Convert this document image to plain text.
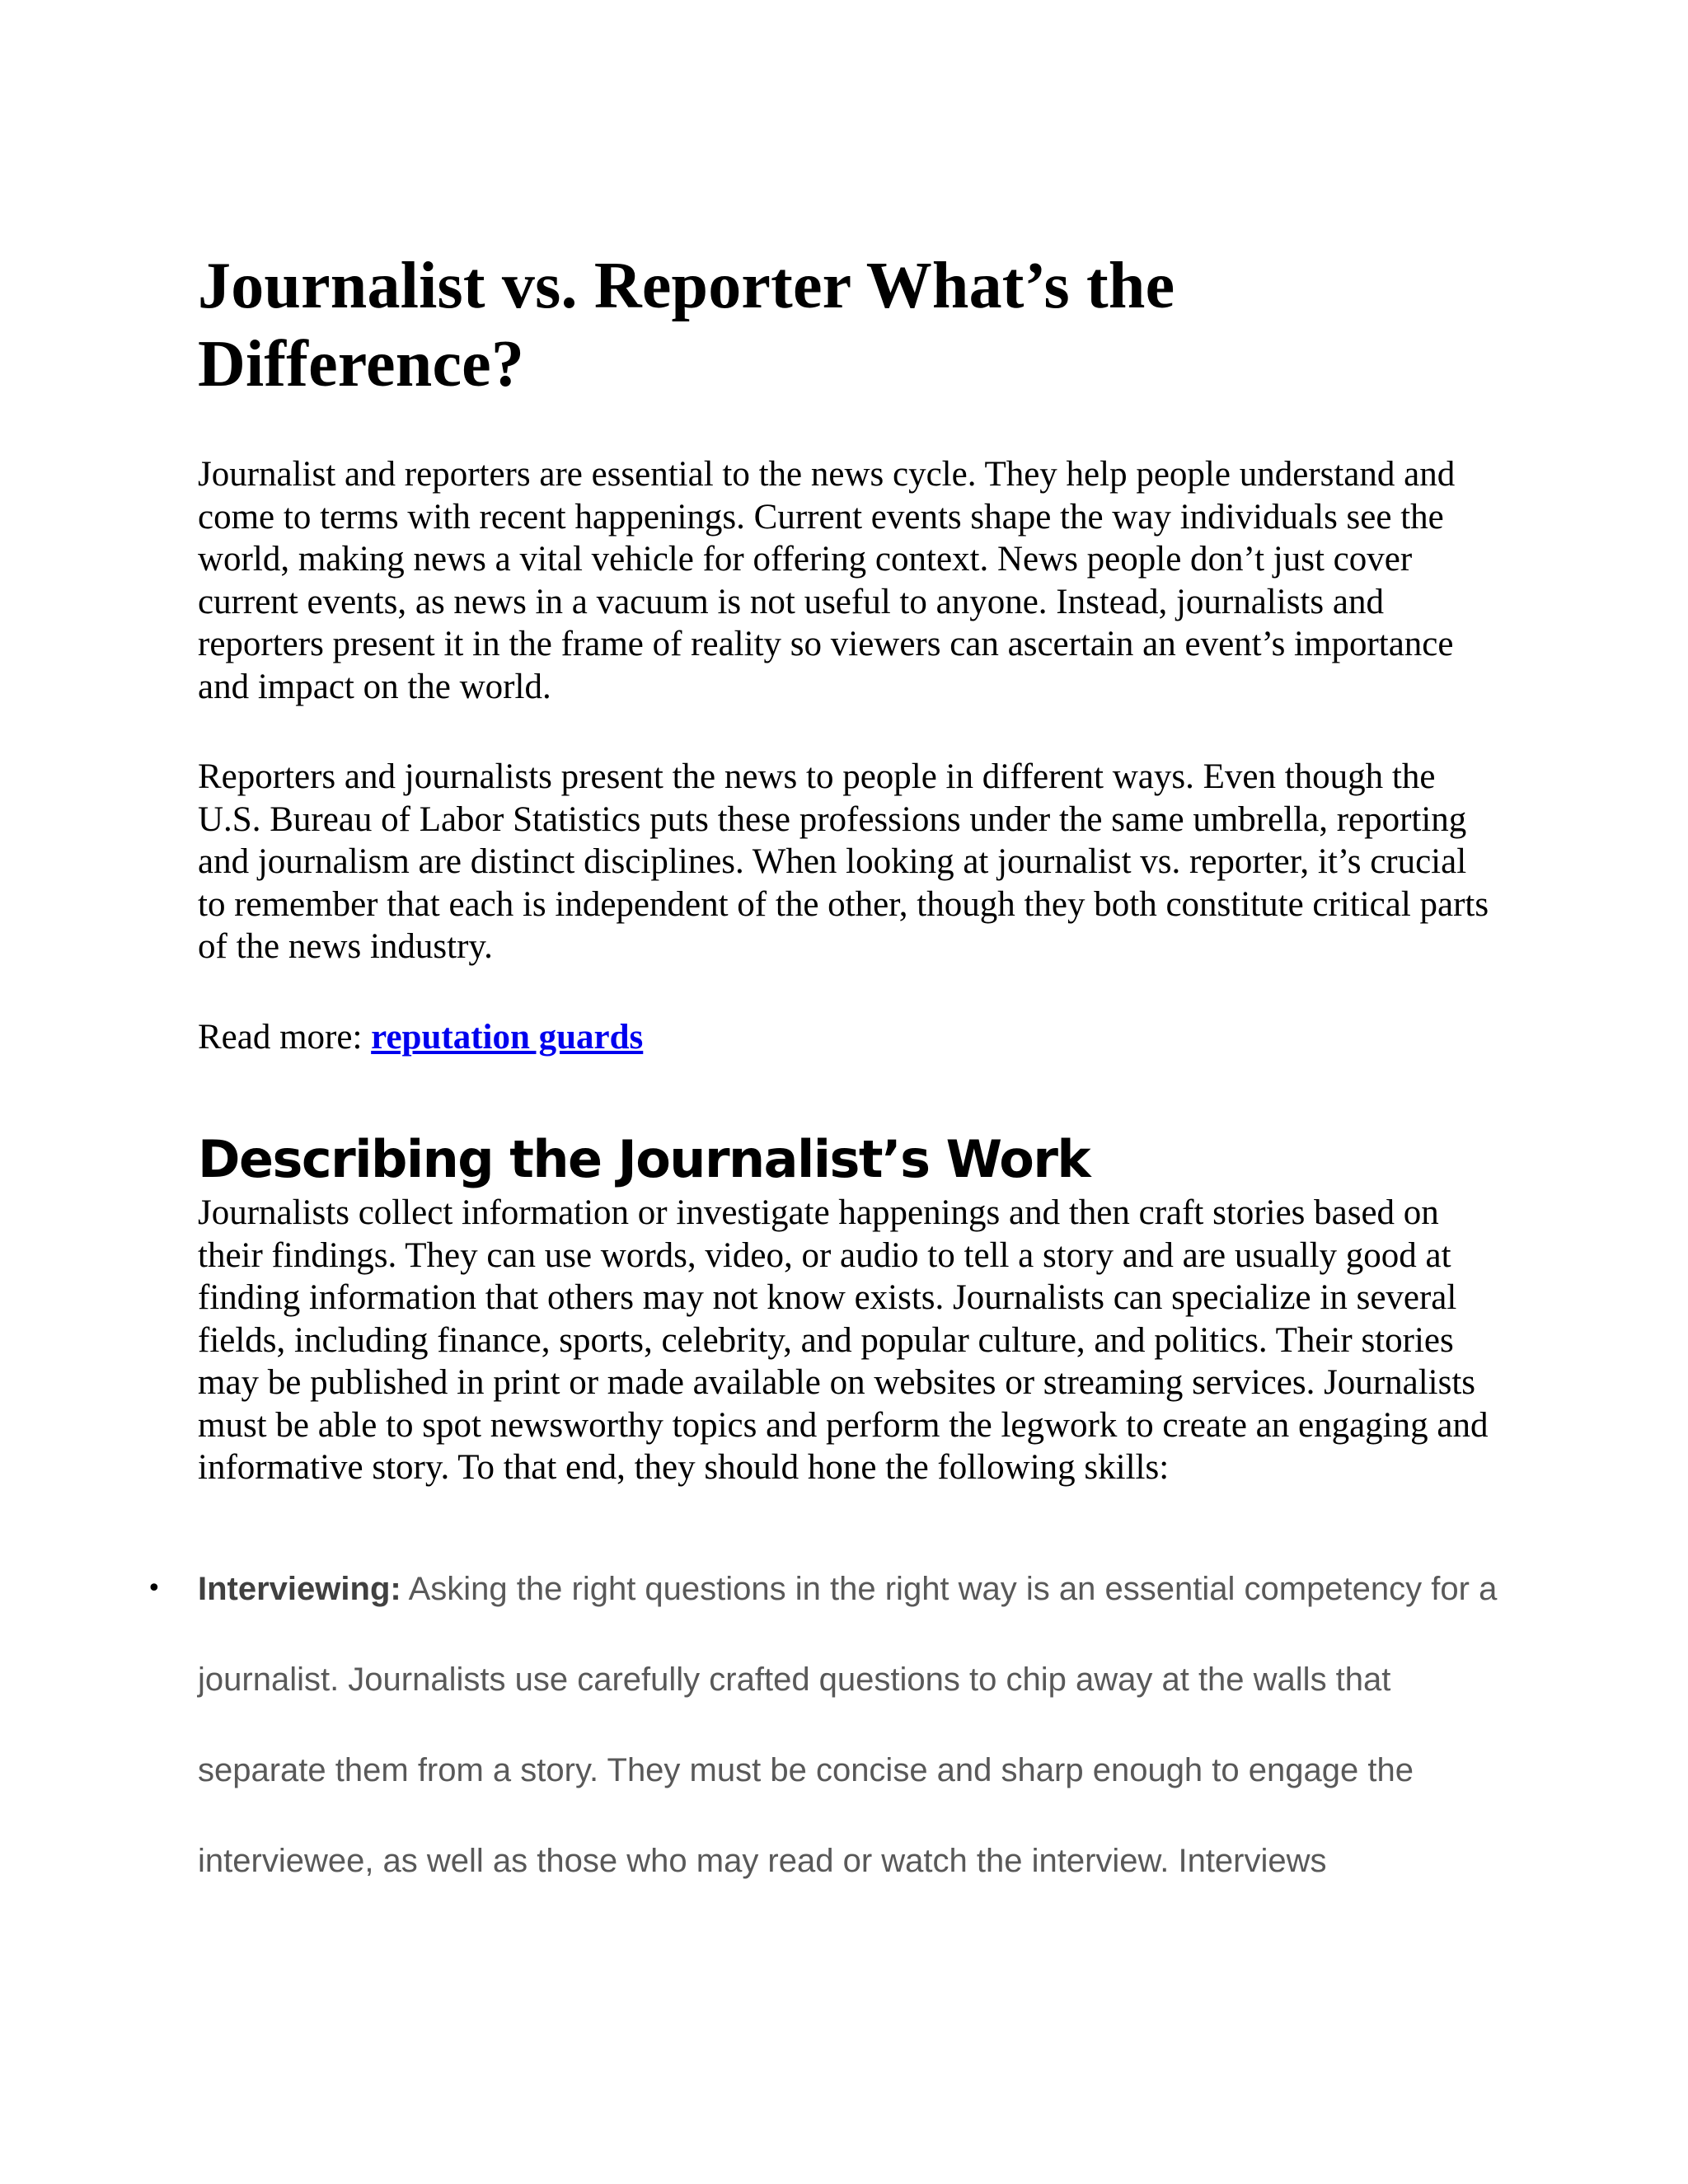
Journalist vs. Reporter What’s the Difference?

Journalist and reporters are essential to the news cycle. They help people understand and come to terms with recent happenings. Current events shape the way individuals see the world, making news a vital vehicle for offering context. News people don’t just cover current events, as news in a vacuum is not useful to anyone. Instead, journalists and reporters present it in the frame of reality so viewers can ascertain an event’s importance and impact on the world.

Reporters and journalists present the news to people in different ways. Even though the U.S. Bureau of Labor Statistics puts these professions under the same umbrella, reporting and journalism are distinct disciplines. When looking at journalist vs. reporter, it’s crucial to remember that each is independent of the other, though they both constitute critical parts of the news industry.

Read more: reputation guards

Describing the Journalist’s Work

Journalists collect information or investigate happenings and then craft stories based on their findings. They can use words, video, or audio to tell a story and are usually good at finding information that others may not know exists. Journalists can specialize in several fields, including finance, sports, celebrity, and popular culture, and politics. Their stories may be published in print or made available on websites or streaming services. Journalists must be able to spot newsworthy topics and perform the legwork to create an engaging and informative story. To that end, they should hone the following skills:

• Interviewing: Asking the right questions in the right way is an essential competency for a journalist. Journalists use carefully crafted questions to chip away at the walls that separate them from a story. They must be concise and sharp enough to engage the interviewee, as well as those who may read or watch the interview. Interviews
